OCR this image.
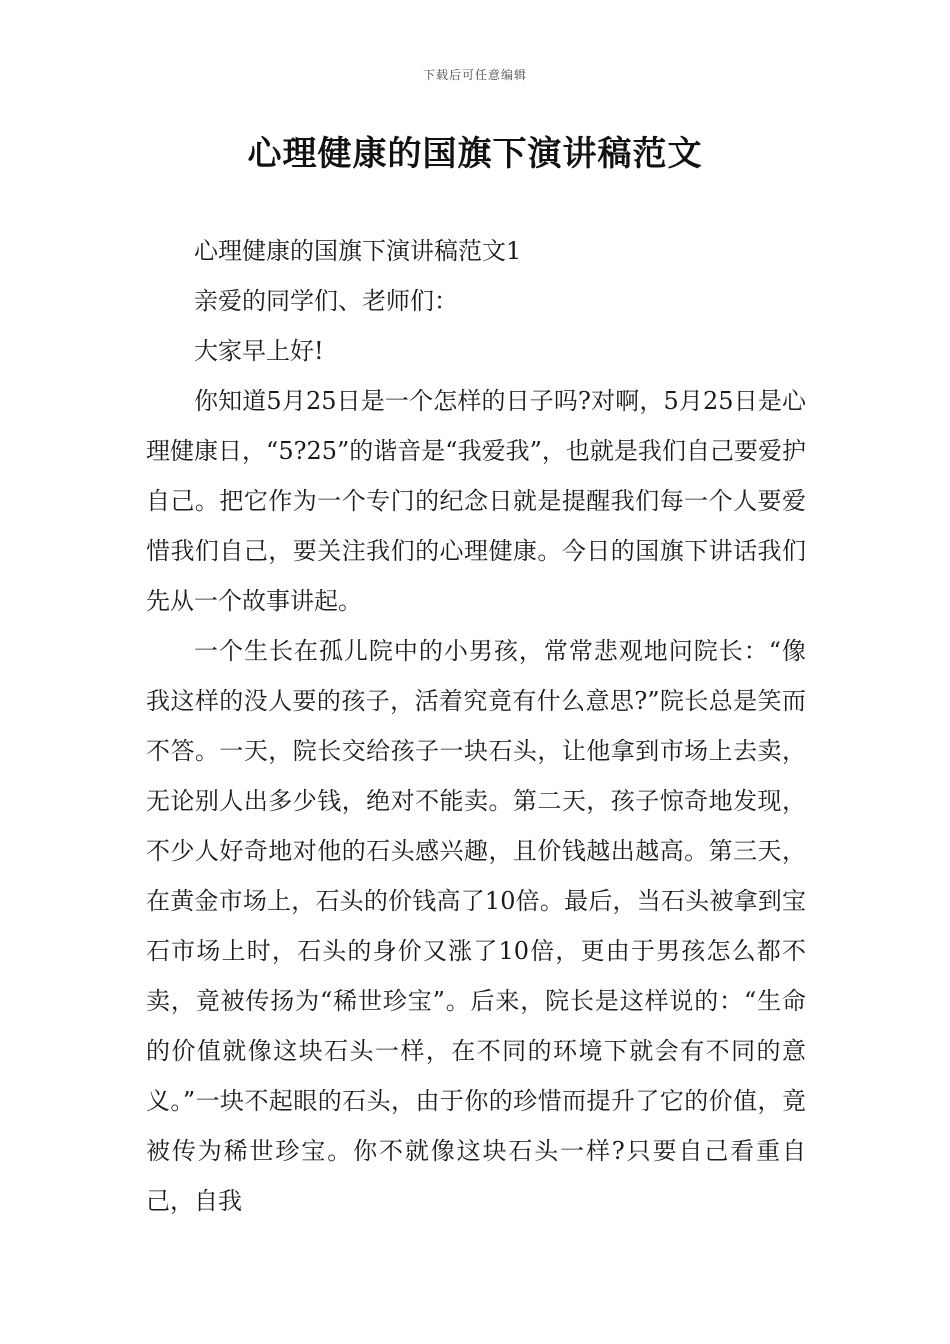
下载后可任意编辑
心理健康的国旗下演讲稿范文

心理健康的国旗下演讲稿范文1

亲爱的同学们、老师们：

大家早上好!

你知道5月25日是一个怎样的日子吗?对啊，5月25日是心理健康日，“5?25”的谐音是“我爱我”，也就是我们自己要爱护自己。把它作为一个专门的纪念日就是提醒我们每一个人要爱惜我们自己，要关注我们的心理健康。今日的国旗下讲话我们先从一个故事讲起。

一个生长在孤儿院中的小男孩，常常悲观地问院长：“像我这样的没人要的孩子，活着究竟有什么意思?”院长总是笑而不答。一天，院长交给孩子一块石头，让他拿到市场上去卖，无论别人出多少钱，绝对不能卖。第二天，孩子惊奇地发现，不少人好奇地对他的石头感兴趣，且价钱越出越高。第三天，在黄金市场上，石头的价钱高了10倍。最后，当石头被拿到宝石市场上时，石头的身价又涨了10倍，更由于男孩怎么都不卖，竟被传扬为“稀世珍宝”。后来，院长是这样说的：“生命的价值就像这块石头一样，在不同的环境下就会有不同的意义。”一块不起眼的石头，由于你的珍惜而提升了它的价值，竟被传为稀世珍宝。你不就像这块石头一样?只要自己看重自己，自我
